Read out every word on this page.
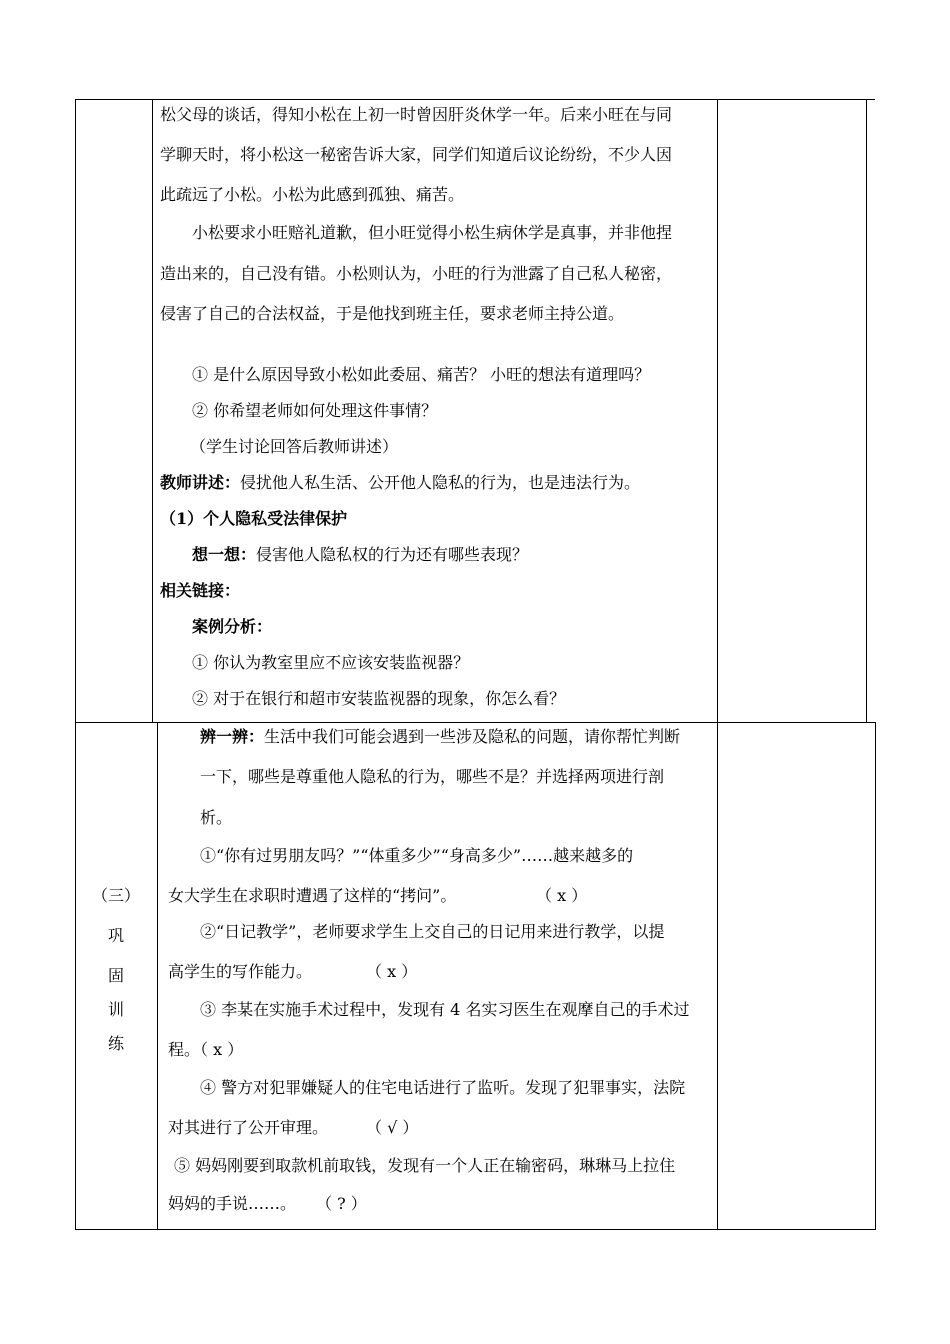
松父母的谈话，得知小松在上初一时曾因肝炎休学一年。后来小旺在与同
学聊天时，将小松这一秘密告诉大家，同学们知道后议论纷纷，不少人因
此疏远了小松。小松为此感到孤独、痛苦。
小松要求小旺赔礼道歉，但小旺觉得小松生病休学是真事，并非他捏
造出来的，自己没有错。小松则认为，小旺的行为泄露了自己私人秘密，
侵害了自己的合法权益，于是他找到班主任，要求老师主持公道。
① 是什么原因导致小松如此委屈、痛苦？ 小旺的想法有道理吗？
② 你希望老师如何处理这件事情？
（学生讨论回答后教师讲述）
教师讲述：侵扰他人私生活、公开他人隐私的行为，也是违法行为。
（1）个人隐私受法律保护
想一想：侵害他人隐私权的行为还有哪些表现？
相关链接：
案例分析：
① 你认为教室里应不应该安装监视器？
② 对于在银行和超市安装监视器的现象，你怎么看？
（三）
巩
固
训
练
辨一辨：生活中我们可能会遇到一些涉及隐私的问题，请你帮忙判断
一下，哪些是尊重他人隐私的行为，哪些不是？并选择两项进行剖
析。
①“你有过男朋友吗？”“体重多少”“身高多少”……越来越多的
女大学生在求职时遭遇了这样的“拷问”。	（ x ）
②“日记教学”，老师要求学生上交自己的日记用来进行教学，以提
高学生的写作能力。	（ x ）
③ 李某在实施手术过程中，发现有 4 名实习医生在观摩自己的手术过
程。（ x ）
④ 警方对犯罪嫌疑人的住宅电话进行了监听。发现了犯罪事实，法院
对其进行了公开审理。 （ √ ）
⑤ 妈妈刚要到取款机前取钱，发现有一个人正在输密码，琳琳马上拉住
妈妈的手说……。 （ ? ）
